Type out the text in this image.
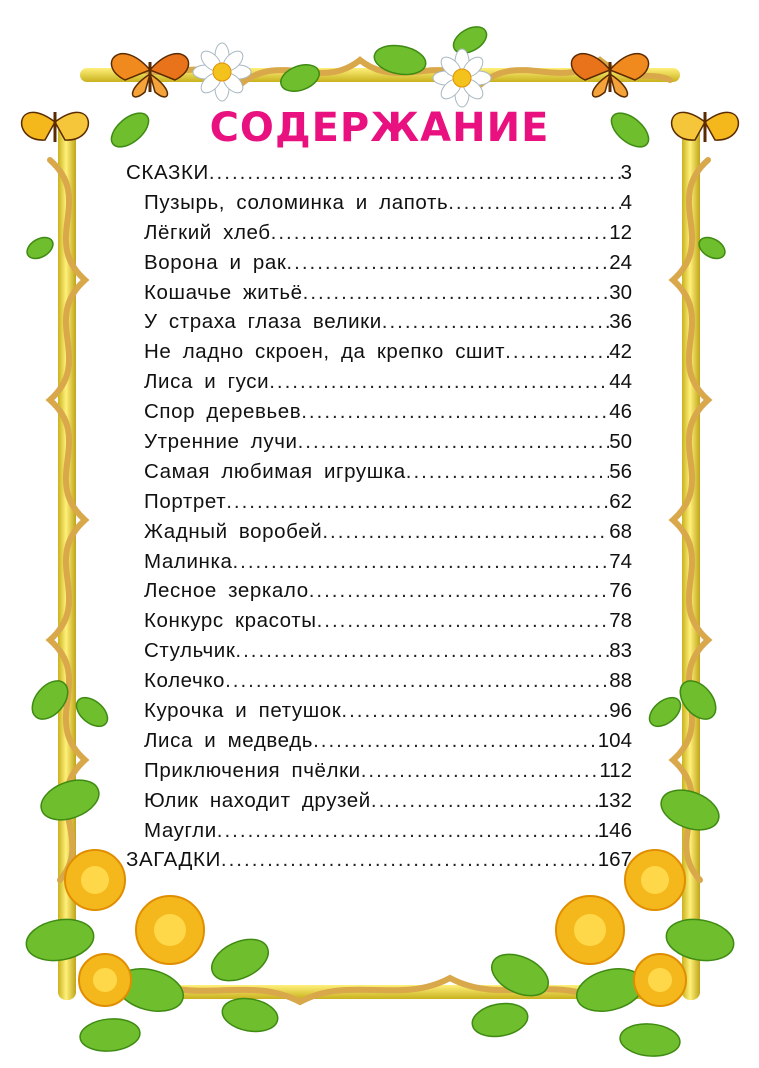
СОДЕРЖАНИЕ
СКАЗКИ .....	3
Пузырь, соломинка и лапоть .....	4
Лёгкий хлеб .....	12
Ворона и рак .....	24
Кошачье житьё .....	30
У страха глаза велики .....	36
Не ладно скроен, да крепко сшит .....	42
Лиса и гуси .....	44
Спор деревьев .....	46
Утренние лучи .....	50
Самая любимая игрушка .....	56
Портрет .....	62
Жадный воробей .....	68
Малинка .....	74
Лесное зеркало .....	76
Конкурс красоты .....	78
Стульчик .....	83
Колечко .....	88
Курочка и петушок .....	96
Лиса и медведь .....	104
Приключения пчёлки .....	112
Юлик находит друзей .....	132
Маугли .....	146
ЗАГАДКИ .....	167
